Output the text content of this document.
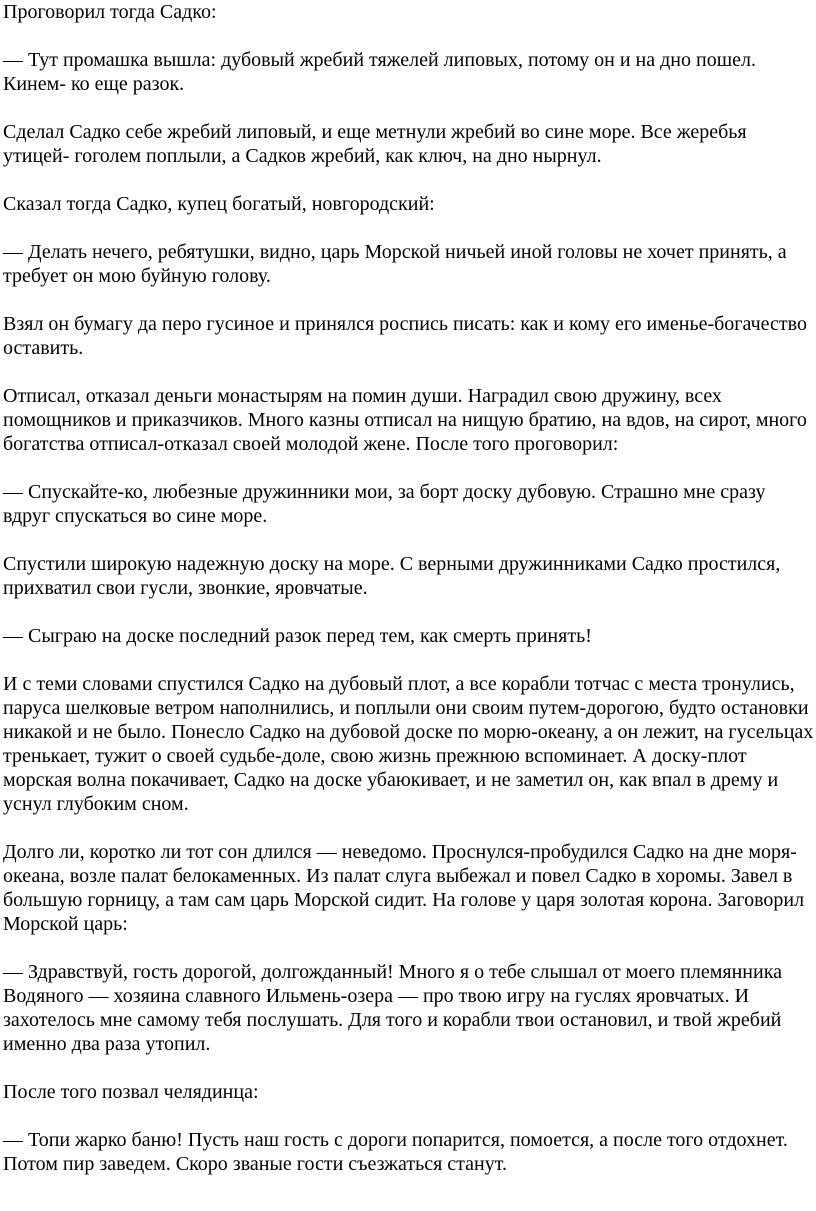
Проговорил тогда Садко:

— Тут промашка вышла: дубовый жребий тяжелей липовых, потому он и на дно пошел. Кинем- ко еще разок.

Сделал Садко себе жребий липовый, и еще метнули жребий во сине море. Все жеребья утицей- гоголем поплыли, а Садков жребий, как ключ, на дно нырнул.

Сказал тогда Садко, купец богатый, новгородский:

— Делать нечего, ребятушки, видно, царь Морской ничьей иной головы не хочет принять, а требует он мою буйную голову.

Взял он бумагу да перо гусиное и принялся роспись писать: как и кому его именье-богачество оставить.

Отписал, отказал деньги монастырям на помин души. Наградил свою дружину, всех помощников и приказчиков. Много казны отписал на нищую братию, на вдов, на сирот, много богатства отписал-отказал своей молодой жене. После того проговорил:

— Спускайте-ко, любезные дружинники мои, за борт доску дубовую. Страшно мне сразу вдруг спускаться во сине море.

Спустили широкую надежную доску на море. С верными дружинниками Садко простился, прихватил свои гусли, звонкие, яровчатые.

— Сыграю на доске последний разок перед тем, как смерть принять!

И с теми словами спустился Садко на дубовый плот, а все корабли тотчас с места тронулись, паруса шелковые ветром наполнились, и поплыли они своим путем-дорогою, будто остановки никакой и не было. Понесло Садко на дубовой доске по морю-океану, а он лежит, на гусельцах тренькает, тужит о своей судьбе-доле, свою жизнь прежнюю вспоминает. А доску-плот морская волна покачивает, Садко на доске убаюкивает, и не заметил он, как впал в дрему и уснул глубоким сном.

Долго ли, коротко ли тот сон длился — неведомо. Проснулся-пробудился Садко на дне моря- океана, возле палат белокаменных. Из палат слуга выбежал и повел Садко в хоромы. Завел в большую горницу, а там сам царь Морской сидит. На голове у царя золотая корона. Заговорил Морской царь:

— Здравствуй, гость дорогой, долгожданный! Много я о тебе слышал от моего племянника Водяного — хозяина славного Ильмень-озера — про твою игру на гуслях яровчатых. И захотелось мне самому тебя послушать. Для того и корабли твои остановил, и твой жребий именно два раза утопил.

После того позвал челядинца:

— Топи жарко баню! Пусть наш гость с дороги попарится, помоется, а после того отдохнет. Потом пир заведем. Скоро званые гости съезжаться станут.
